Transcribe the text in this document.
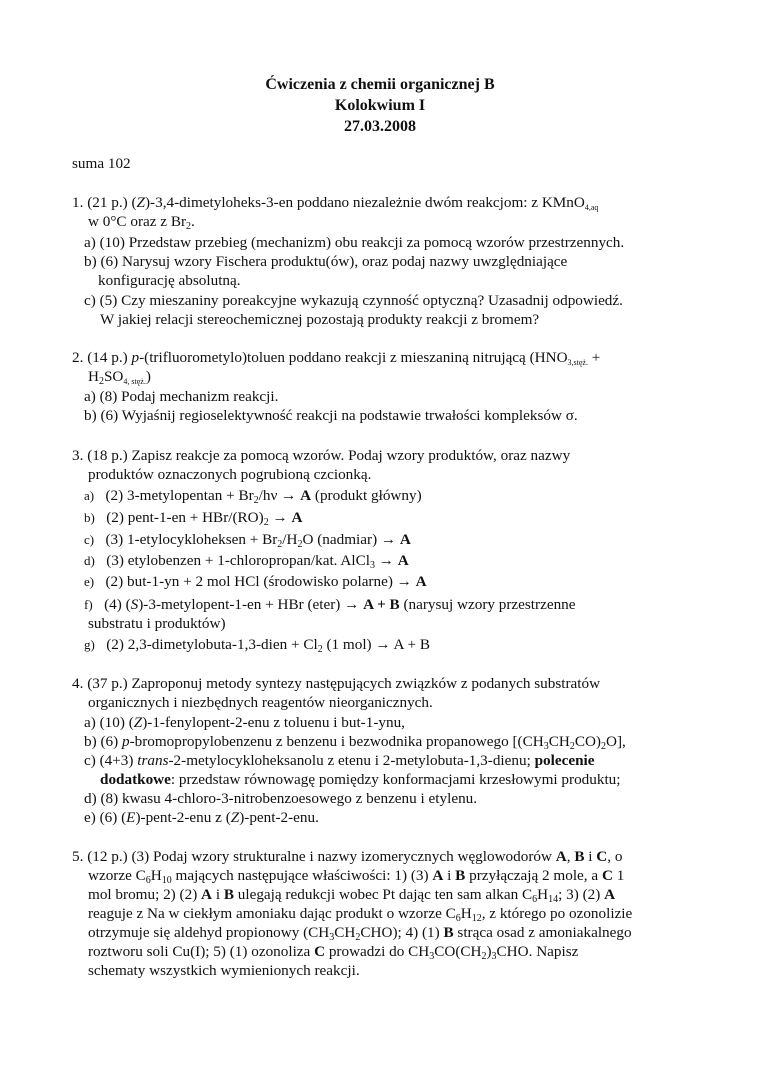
Ćwiczenia z chemii organicznej B
Kolokwium I
27.03.2008
suma 102
1. (21 p.) (Z)-3,4-dimetyloheks-3-en poddano niezależnie dwóm reakcjom: z KMnO$_{4,aq}$
w 0°C oraz z $Br_2$.
a) (10) Przedstaw przebieg (mechanizm) obu reakcji za pomocą wzorów przestrzennych.
b) (6) Narysuj wzory Fischera produktu(ów), oraz podaj nazwy uwzględniające
konfigurację absolutną.
c) (5) Czy mieszaniny poreakcyjne wykazują czynność optyczną? Uzasadnij odpowiedź.
W jakiej relacji stereochemicznej pozostają produkty reakcji z bromem?
2. (14 p.) p-(trifluorometylo)toluen poddano reakcji z mieszaniną nitrującą ($HNO_{3,stęż.}$ +
$H_2SO_{4, stęż.}$)
a) (8) Podaj mechanizm reakcji.
b) (6) Wyjaśnij regioselektywność reakcji na podstawie trwałości kompleksów σ.
3. (18 p.) Zapisz reakcje za pomocą wzorów. Podaj wzory produktów, oraz nazwy
produktów oznaczonych pogrubioną czcionką.
a) (2) 3-metylopentan + $Br_2/h\nu \to A$ (produkt główny)
b) (2) pent-1-en + HBr/$(RO)_2 \to A$
c) (3) 1-etylocykloheksen + $Br_2/H_2O$ (nadmiar) → A
d) (3) etylobenzen + 1-chloropropan/kat. AlCl$_3$ → A
e) (2) but-1-yn + 2 mol HCl (środowisko polarne) → A
f) (4) (S)-3-metylopent-1-en + HBr (eter) → A + B (narysuj wzory przestrzenne
substratu i produktów)
g) (2) 2,3-dimetylobuta-1,3-dien + $Cl_2$ (1 mol) → A + B
4. (37 p.) Zaproponuj metody syntezy następujących związków z podanych substratów
organicznych i niezbędnych reagentów nieorganicznych.
a) (10) (Z)-1-fenylopent-2-enu z toluenu i but-1-ynu,
b) (6) p-bromopropylobenzenu z benzenu i bezwodnika propanowego $[(CH_3CH_2CO)_2O]$,
c) (4+3) trans-2-metylocykloheksanolu z etenu i 2-metylobuta-1,3-dienu; polecenie
dodatkowe: przedstaw równowagę pomiędzy konformacjami krzesłowymi produktu;
d) (8) kwasu 4-chloro-3-nitrobenzoesowego z benzenu i etylenu.
e) (6) (E)-pent-2-enu z (Z)-pent-2-enu.
5. (12 p.) (3) Podaj wzory strukturalne i nazwy izomerycznych węglowodorów A, B i C, o
wzorze $C_6H_{10}$ mających następujące właściwości: 1) (3) A i B przyłączają 2 mole, a C 1
mol bromu; 2) (2) A i B ulegają redukcji wobec Pt dając ten sam alkan $C_6H_{14}$; 3) (2) A
reaguje z Na w ciekłym amoniaku dając produkt o wzorze $C_6H_{12}$, z którego po ozonolizie
otrzymuje się aldehyd propionowy $(CH_3CH_2CHO)$; 4) (1) B strąca osad z amoniakalnego
roztworu soli Cu(I); 5) (1) ozonoliza C prowadzi do $CH_3CO(CH_2)_3CHO$. Napisz
schematy wszystkich wymienionych reakcji.
